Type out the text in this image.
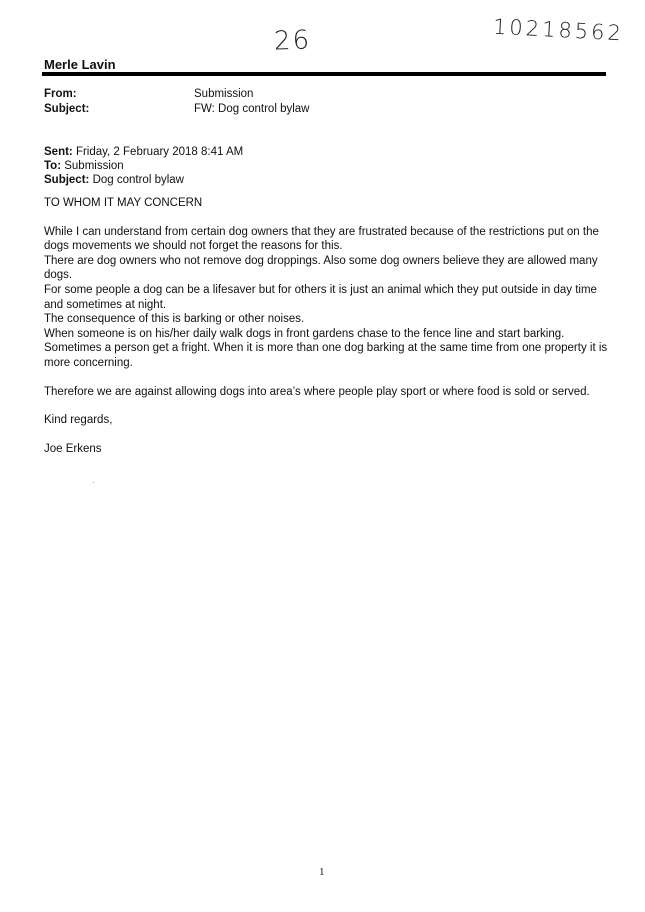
26	10218562
Merle Lavin
From:	Submission
Subject:	FW: Dog control bylaw
Sent: Friday, 2 February 2018 8:41 AM
To: Submission
Subject: Dog control bylaw

TO WHOM IT MAY CONCERN

While I can understand from certain dog owners that they are frustrated because of the restrictions put on the dogs movements we should not forget the reasons for this.

There are dog owners who not remove dog droppings. Also some dog owners believe they are allowed many dogs.

For some people a dog can be a lifesaver but for others it is just an animal which they put outside in day time and sometimes at night.

The consequence of this is barking or other noises.

When someone is on his/her daily walk dogs in front gardens chase to the fence line and start barking.

Sometimes a person get a fright. When it is more than one dog barking at the same time from one property it is more concerning.

Therefore we are against allowing dogs into area’s where people play sport or where food is sold or served.

Kind regards,

Joe Erkens

1
